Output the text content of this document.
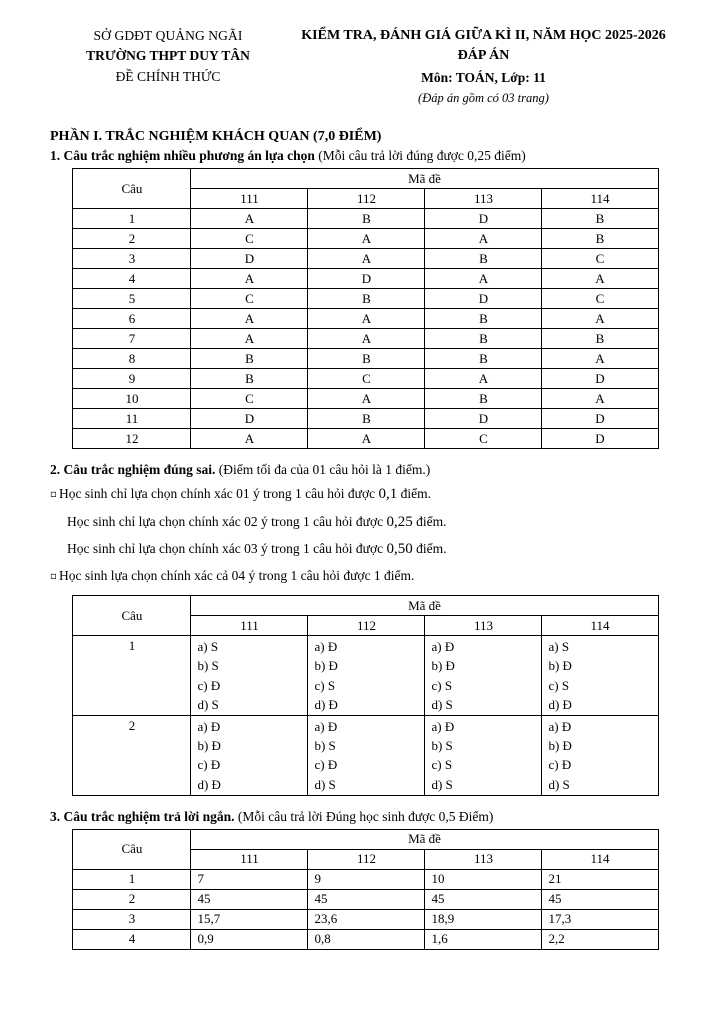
SỞ GDĐT QUẢNG NGÃI
TRƯỜNG THPT DUY TÂN
ĐỀ CHÍNH THỨC
KIỂM TRA, ĐÁNH GIÁ GIỮA KÌ II, NĂM HỌC 2025-2026
ĐÁP ÁN
Môn: TOÁN, Lớp: 11
(Đáp án gồm có 03 trang)
PHẦN I. TRẮC NGHIỆM KHÁCH QUAN (7,0 ĐIỂM)
1. Câu trắc nghiệm nhiều phương án lựa chọn (Mỗi câu trả lời đúng được 0,25 điểm)
Câu	Mã đề			
	111	112	113	114
1	A	B	D	B
2	C	A	A	B
3	D	A	B	C
4	A	D	A	A
5	C	B	D	C
6	A	A	B	A
7	A	A	B	B
8	B	B	B	A
9	B	C	A	D
10	C	A	B	A
11	D	B	D	D
12	A	A	C	D
2. Câu trắc nghiệm đúng sai. (Điểm tối đa của 01 câu hỏi là 1 điểm.)
▫ Học sinh chỉ lựa chọn chính xác 01 ý trong 1 câu hỏi được 0,1 điểm.
Học sinh chỉ lựa chọn chính xác 02 ý trong 1 câu hỏi được 0,25 điểm.
Học sinh chỉ lựa chọn chính xác 03 ý trong 1 câu hỏi được 0,50 điểm.
▫ Học sinh lựa chọn chính xác cả 04 ý trong 1 câu hỏi được 1 điểm.
Câu	Mã đề			
	111	112	113	114
1	a) S
b) S
c) Đ
d) S

a) Đ
b) Đ
c) S
d) Đ

a) Đ
b) Đ
c) S
d) S

a) S
b) Đ
c) S
d) Đ

2	a) Đ
b) Đ
c) Đ
d) Đ

a) Đ
b) S
c) Đ
d) S

a) Đ
b) S
c) S
d) S

a) Đ
b) Đ
c) Đ
d) S
3. Câu trắc nghiệm trả lời ngắn. (Mỗi câu trả lời Đúng học sinh được 0,5 Điểm)
Câu	Mã đề			
	111	112	113	114
1	7	9	10	21
2	45	45	45	45
3	15,7	23,6	18,9	17,3
4	0,9	0,8	1,6	2,2
